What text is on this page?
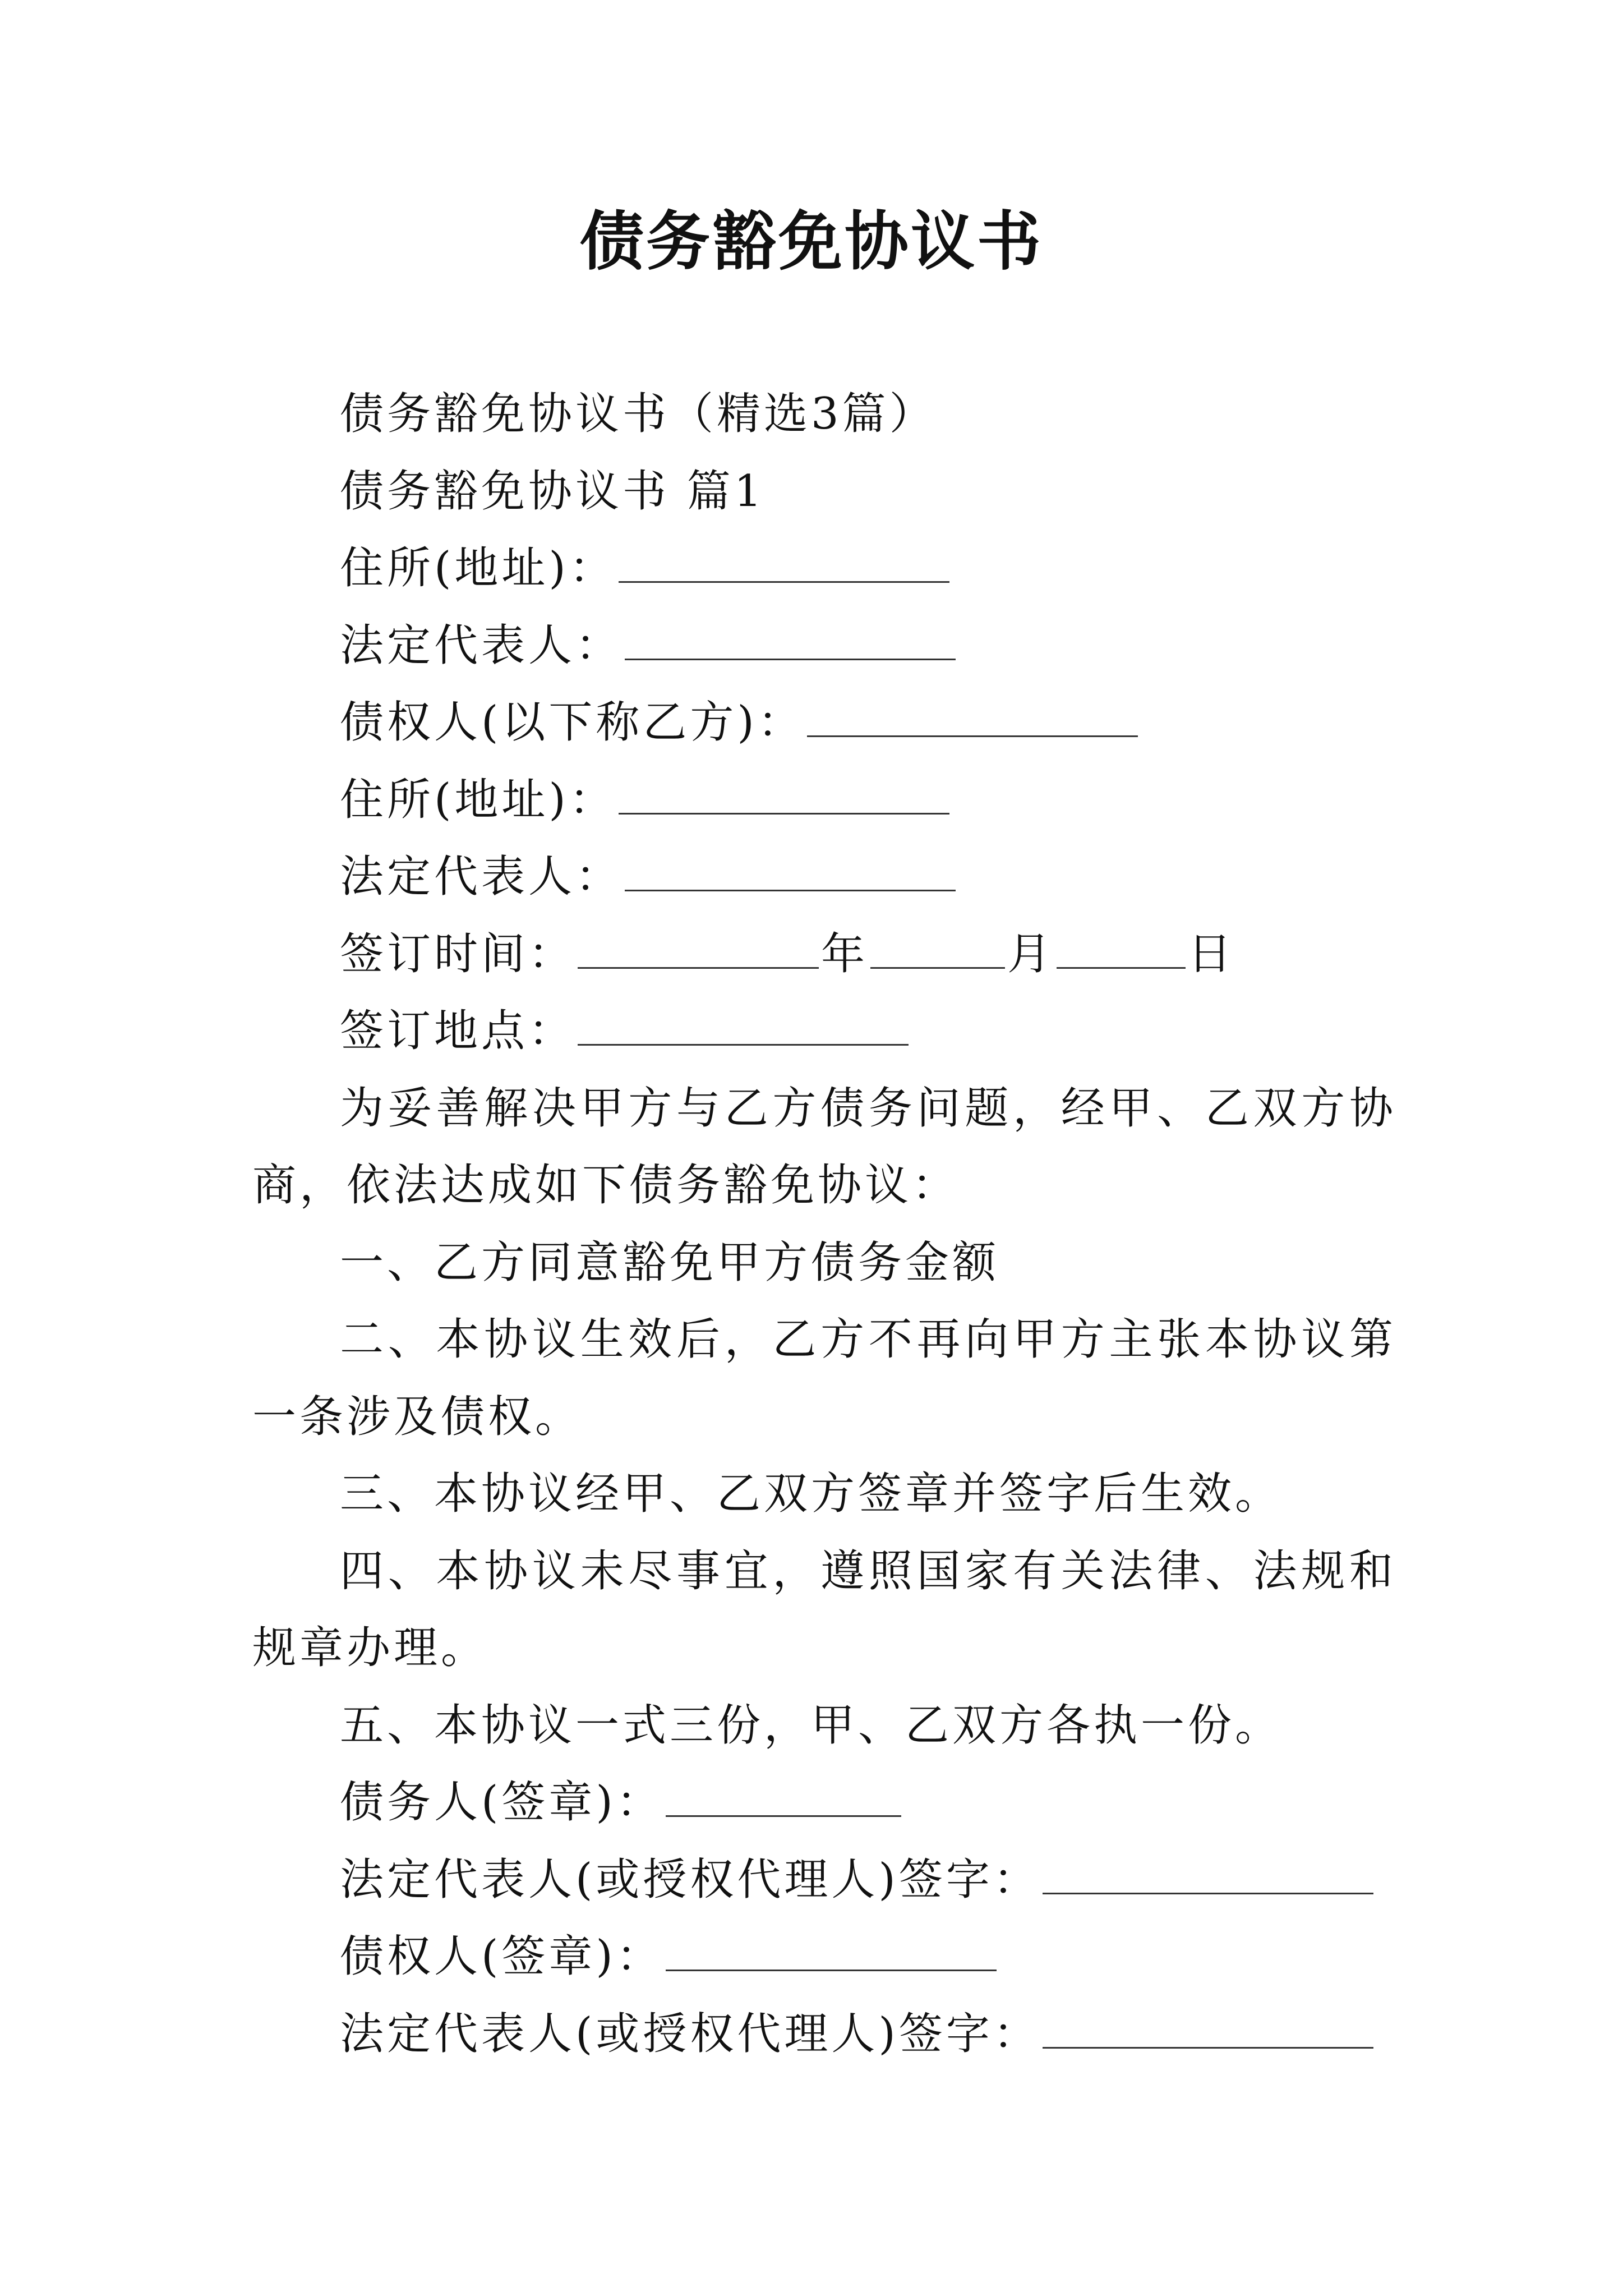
债务豁免协议书
债务豁免协议书（精选3篇）
债务豁免协议书 篇1
住所(地址)：
法定代表人：
债权人(以下称乙方)：
住所(地址)：
法定代表人：
签订时间：	年	月	日
签订地点：
为妥善解决甲方与乙方债务问题，经甲、乙双方协商，依法达成如下债务豁免协议：
一、乙方同意豁免甲方债务金额
二、本协议生效后，乙方不再向甲方主张本协议第一条涉及债权。
三、本协议经甲、乙双方签章并签字后生效。
四、本协议未尽事宜，遵照国家有关法律、法规和规章办理。
五、本协议一式三份，甲、乙双方各执一份。
债务人(签章)：
法定代表人(或授权代理人)签字：
债权人(签章)：
法定代表人(或授权代理人)签字：
